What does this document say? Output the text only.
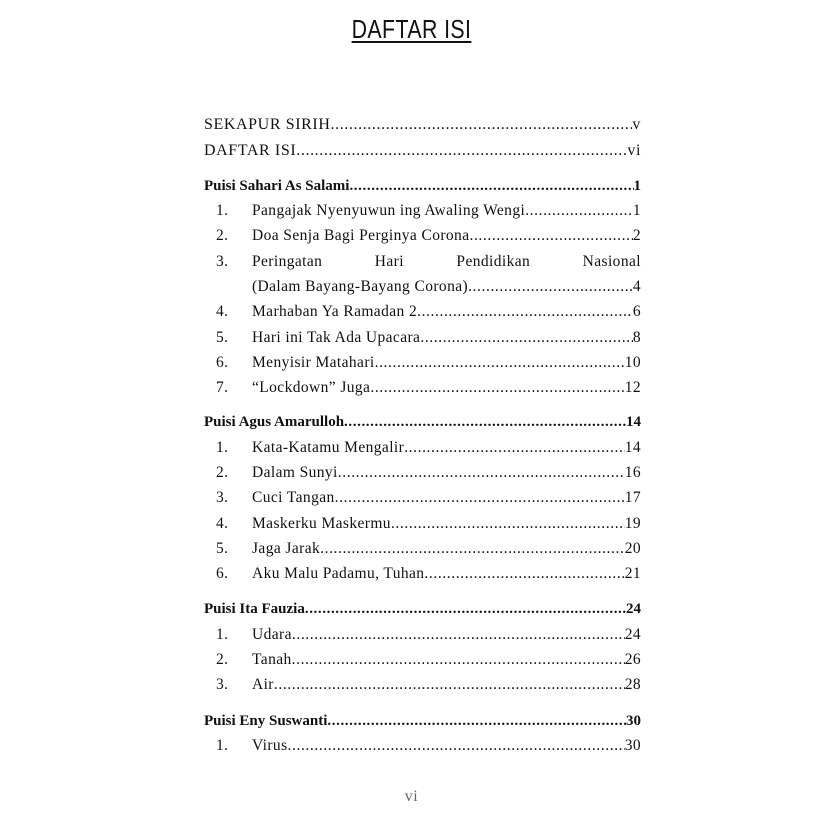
DAFTAR ISI
SEKAPUR SIRIH .....	v
DAFTAR ISI .....	vi
Puisi Sahari As Salami .....	1
1.	Pangajak Nyenyuwun ing Awaling Wengi .....	1
2.	Doa Senja Bagi Perginya Corona .....	2
3.	Peringatan	Hari	Pendidikan	Nasional
(Dalam Bayang-Bayang Corona) .....	4
4.	Marhaban Ya Ramadan 2 .....	6
5.	Hari ini Tak Ada Upacara .....	8
6.	Menyisir Matahari .....	10
7.	“Lockdown” Juga .....	12
Puisi Agus Amarulloh .....	14
1.	Kata-Katamu Mengalir .....	14
2.	Dalam Sunyi .....	16
3.	Cuci Tangan .....	17
4.	Maskerku Maskermu .....	19
5.	Jaga Jarak .....	20
6.	Aku Malu Padamu, Tuhan .....	21
Puisi Ita Fauzia .....	24
1.	Udara .....	24
2.	Tanah .....	26
3.	Air .....	28
Puisi Eny Suswanti .....	30
1.	Virus .....	30
vi
